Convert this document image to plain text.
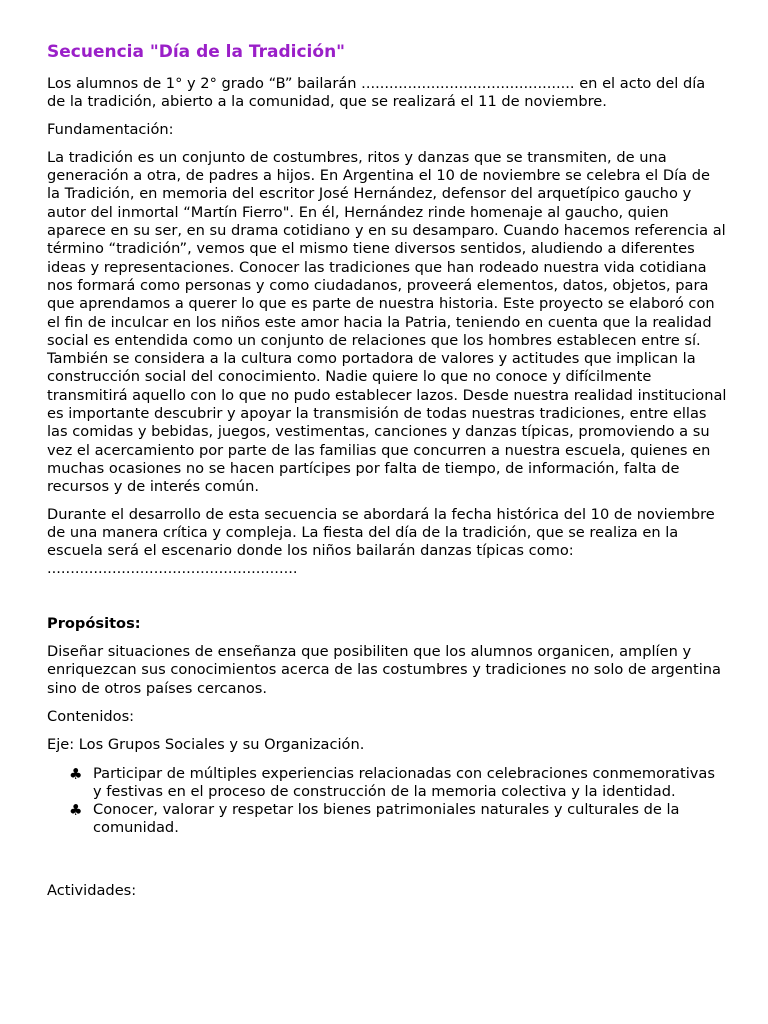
Secuencia "Día de la Tradición"

Los alumnos de 1° y 2° grado “B” bailarán .............................................. en el acto del día de la tradición, abierto a la comunidad, que se realizará el 11 de noviembre.

Fundamentación:

La tradición es un conjunto de costumbres, ritos y danzas que se transmiten, de una generación a otra, de padres a hijos. En Argentina el 10 de noviembre se celebra el Día de la Tradición, en memoria del escritor José Hernández, defensor del arquetípico gaucho y autor del inmortal “Martín Fierro". En él, Hernández rinde homenaje al gaucho, quien aparece en su ser, en su drama cotidiano y en su desamparo. Cuando hacemos referencia al término “tradición”, vemos que el mismo tiene diversos sentidos, aludiendo a diferentes ideas y representaciones. Conocer las tradiciones que han rodeado nuestra vida cotidiana nos formará como personas y como ciudadanos, proveerá elementos, datos, objetos, para que aprendamos a querer lo que es parte de nuestra historia. Este proyecto se elaboró con el fin de inculcar en los niños este amor hacia la Patria, teniendo en cuenta que la realidad social es entendida como un conjunto de relaciones que los hombres establecen entre sí. También se considera a la cultura como portadora de valores y actitudes que implican la construcción social del conocimiento. Nadie quiere lo que no conoce y difícilmente transmitirá aquello con lo que no pudo establecer lazos. Desde nuestra realidad institucional es importante descubrir y apoyar la transmisión de todas nuestras tradiciones, entre ellas las comidas y bebidas, juegos, vestimentas, canciones y danzas típicas, promoviendo a su vez el acercamiento por parte de las familias que concurren a nuestra escuela, quienes en muchas ocasiones no se hacen partícipes por falta de tiempo, de información, falta de recursos y de interés común.

Durante el desarrollo de esta secuencia se abordará la fecha histórica del 10 de noviembre de una manera crítica y compleja. La fiesta del día de la tradición, que se realiza en la escuela será el escenario donde los niños bailarán danzas típicas como: ......................................................

Propósitos:

Diseñar situaciones de enseñanza que posibiliten que los alumnos organicen, amplíen y enriquezcan sus conocimientos acerca de las costumbres y tradiciones no solo de argentina sino de otros países cercanos.

Contenidos:

Eje: Los Grupos Sociales y su Organización.

♣ Participar de múltiples experiencias relacionadas con celebraciones conmemorativas y festivas en el proceso de construcción de la memoria colectiva y la identidad.
♣ Conocer, valorar y respetar los bienes patrimoniales naturales y culturales de la comunidad.

Actividades:
